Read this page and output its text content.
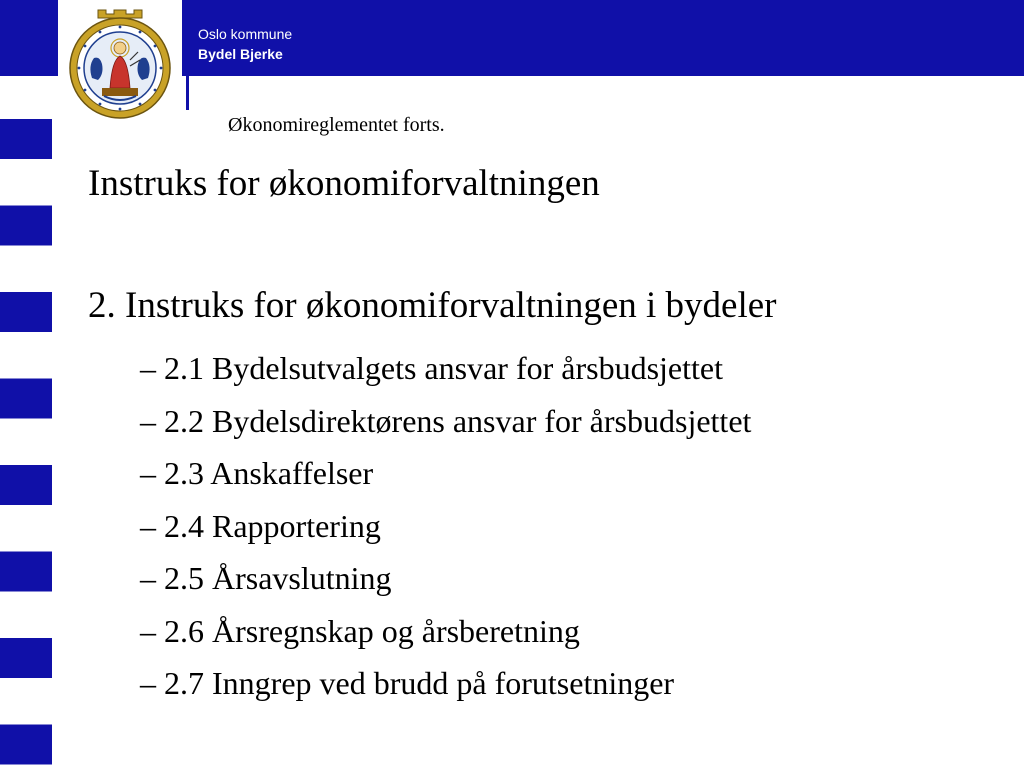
Oslo kommune
Bydel Bjerke
Økonomireglementet forts.
Instruks for økonomiforvaltningen
2. Instruks for økonomiforvaltningen i bydeler
– 2.1 Bydelsutvalgets ansvar for årsbudsjettet
– 2.2 Bydelsdirektørens ansvar for årsbudsjettet
– 2.3 Anskaffelser
– 2.4 Rapportering
– 2.5 Årsavslutning
– 2.6 Årsregnskap og årsberetning
– 2.7 Inngrep ved brudd på forutsetninger
